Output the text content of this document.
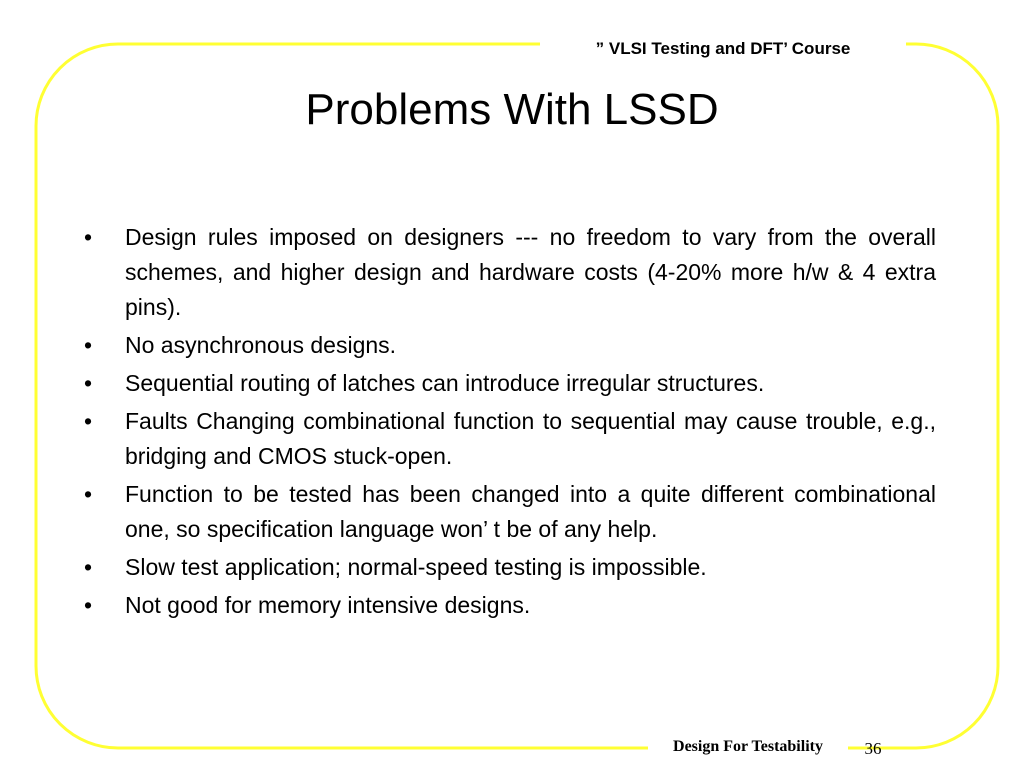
” VLSI Testing and DFT’ Course
Problems With LSSD
• Design rules imposed on designers --- no freedom to vary from the overall schemes, and higher design and hardware costs (4-20% more h/w & 4 extra pins).
• No asynchronous designs.
• Sequential routing of latches can introduce irregular structures.
• Faults Changing combinational function to sequential may cause trouble, e.g., bridging and CMOS stuck-open.
• Function to be tested has been changed into a quite different combinational one, so specification language won’ t be of any help.
• Slow test application; normal-speed testing is impossible.
• Not good for memory intensive designs.
Design For Testability	36
